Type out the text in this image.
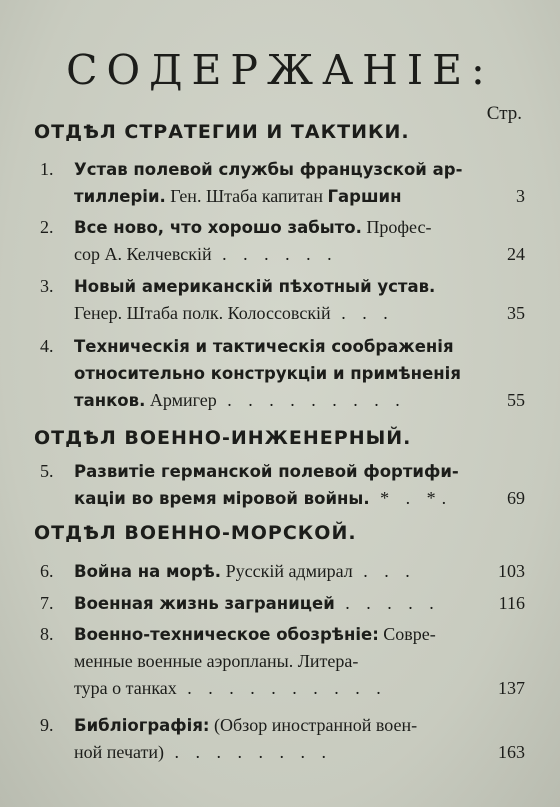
СОДЕРЖАНІЕ:
Стр.
ОТДѢЛ СТРАТЕГИИ И ТАКТИКИ.
1. Устав полевой службы французской ар-
тиллеріи. Ген. Штаба капитан Гаршин	3
2. Все ново, что хорошо забыто. Профес-
сор А. Келчевскій . . . . . .	24
3. Новый американскій пѣхотный устав.
Генер. Штаба полк. Колоссовскій . . .	35
4. Техническія и тактическія соображенія
относительно конструкціи и примѣненія
танков. Армигер . . . . . . . . .	55
ОТДѢЛ ВОЕННО-ИНЖЕНЕРНЫЙ.
5. Развитіе германской полевой фортифи-
каціи во время міровой войны. * . *.	69
ОТДѢЛ ВОЕННО-МОРСКОЙ.
6. Война на морѣ. Русскій адмирал . . .	103
7. Военная жизнь заграницей . . . . .	116
8. Военно-техническое обозрѣніе: Совре-
менные военные аэропланы. Литера-
тура о танках . . . . . . . . . .	137
9. Библіографія: (Обзор иностранной воен-
ной печати) . . . . . . . .	163
